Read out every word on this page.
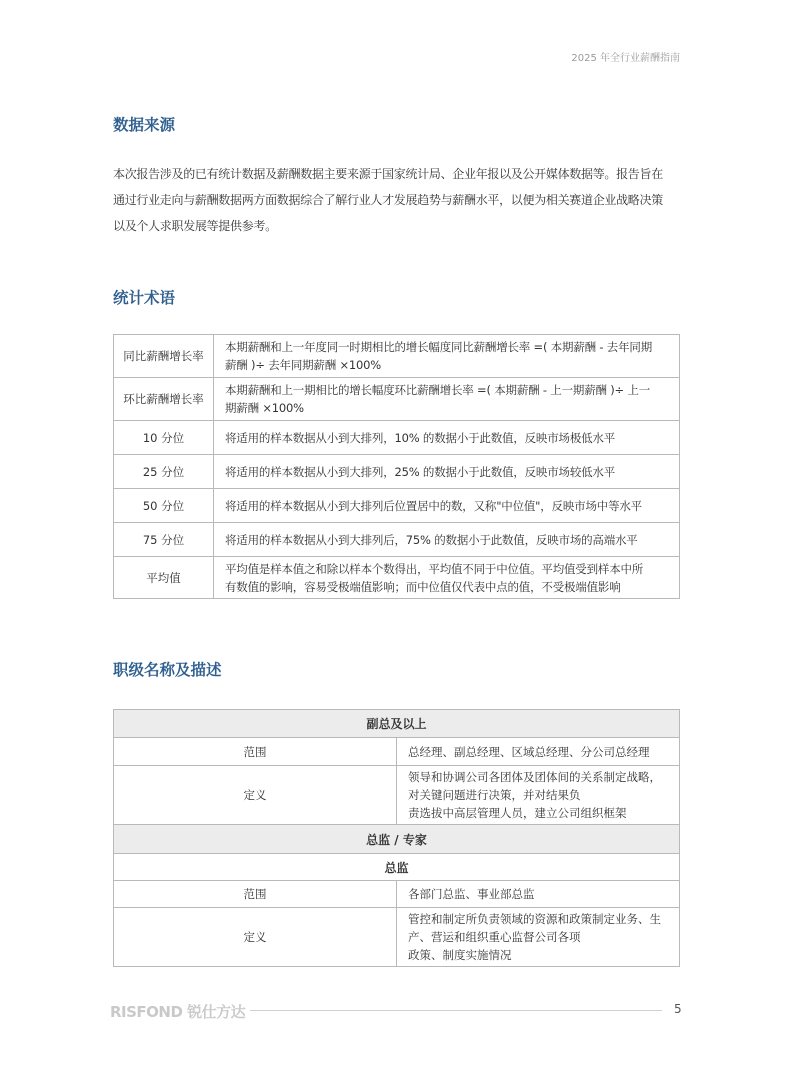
2025 年全行业薪酬指南
数据来源

本次报告涉及的已有统计数据及薪酬数据主要来源于国家统计局、企业年报以及公开媒体数据等。报告旨在
通过行业走向与薪酬数据两方面数据综合了解行业人才发展趋势与薪酬水平，以便为相关赛道企业战略决策
以及个人求职发展等提供参考。

统计术语
同比薪酬增长率	本期薪酬和上一年度同一时期相比的增长幅度同比薪酬增长率 =( 本期薪酬 - 去年同期
薪酬 )÷ 去年同期薪酬 ×100%
环比薪酬增长率	本期薪酬和上一期相比的增长幅度环比薪酬增长率 =( 本期薪酬 - 上一期薪酬 )÷ 上一
期薪酬 ×100%
10 分位	将适用的样本数据从小到大排列，10% 的数据小于此数值，反映市场极低水平
25 分位	将适用的样本数据从小到大排列，25% 的数据小于此数值，反映市场较低水平
50 分位	将适用的样本数据从小到大排列后位置居中的数，又称"中位值"，反映市场中等水平
75 分位	将适用的样本数据从小到大排列后，75% 的数据小于此数值，反映市场的高端水平
平均值	平均值是样本值之和除以样本个数得出，平均值不同于中位值。平均值受到样本中所
有数值的影响，容易受极端值影响；而中位值仅代表中点的值，不受极端值影响
职级名称及描述
副总及以上	
范围	总经理、副总经理、区域总经理、分公司总经理
定义	领导和协调公司各团体及团体间的关系制定战略，对关键问题进行决策，并对结果负
责选拔中高层管理人员，建立公司组织框架
总监 / 专家	
总监	
范围	各部门总监、事业部总监
定义	管控和制定所负责领域的资源和政策制定业务、生产、营运和组织重心监督公司各项
政策、制度实施情况
RISFOND 锐仕方达	5
